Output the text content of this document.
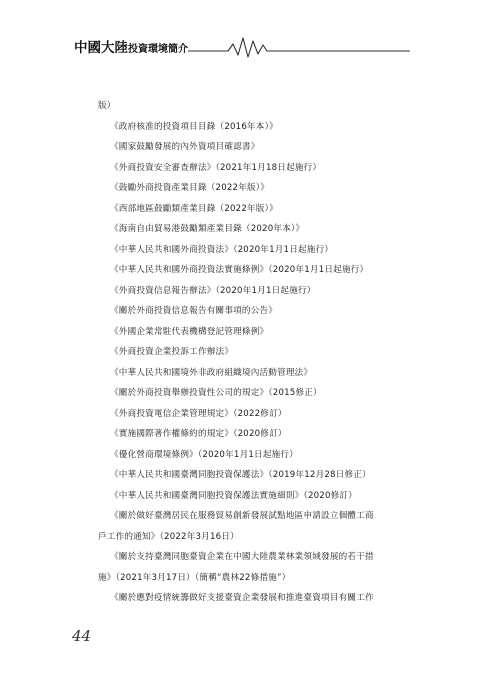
中國大陸投資環境簡介
版）
《政府核准的投資項目目錄（2016年本）》
《國家鼓勵發展的內外資項目確認書》
《外商投資安全審查辦法》（2021年1月18日起施行）
《鼓勵外商投資產業目錄（2022年版）》
《西部地區鼓勵類產業目錄（2022年版）》
《海南自由貿易港鼓勵類產業目錄（2020年本）》
《中華人民共和國外商投資法》（2020年1月1日起施行）
《中華人民共和國外商投資法實施條例》（2020年1月1日起施行）
《外商投資信息報告辦法》（2020年1月1日起施行）
《關於外商投資信息報告有關事項的公告》
《外國企業常駐代表機構登記管理條例》
《外商投資企業投訴工作辦法》
《中華人民共和國境外非政府組織境內活動管理法》
《關於外商投資舉辦投資性公司的規定》（2015修正）
《外商投資電信企業管理規定》（2022修訂）
《實施國際著作權條約的規定》（2020修訂）
《優化營商環境條例》（2020年1月1日起施行）
《中華人民共和國臺灣同胞投資保護法》（2019年12月28日修正）
《中華人民共和國臺灣同胞投資保護法實施細則》（2020修訂）
《關於做好臺灣居民在服務貿易創新發展試點地區申請設立個體工商
戶工作的通知》（2022年3月16日）
《關於支持臺灣同胞臺資企業在中國大陸農業林業領域發展的若干措
施》（2021年3月17日）（簡稱“農林22條措施”）
《關於應對疫情統籌做好支援臺資企業發展和推進臺資項目有關工作
44
